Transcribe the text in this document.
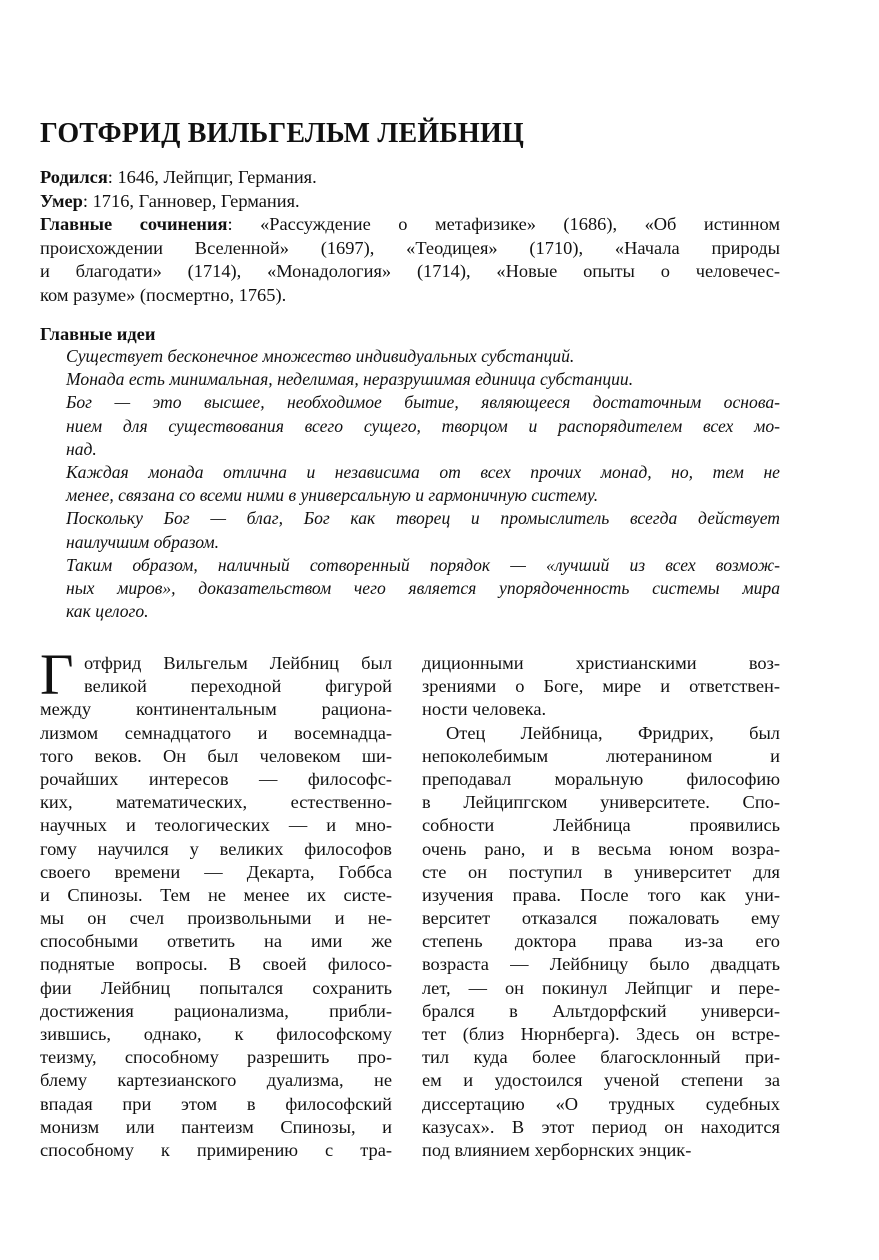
ГОТФРИД ВИЛЬГЕЛЬМ ЛЕЙБНИЦ

Родился: 1646, Лейпциг, Германия.

Умер: 1716, Ганновер, Германия.

Главные сочинения: «Рассуждение о метафизике» (1686), «Об истинном
происхождении Вселенной» (1697), «Теодицея» (1710), «Начала природы
и благодати» (1714), «Монадология» (1714), «Новые опыты о человечес-
ком разуме» (посмертно, 1765).
Главные идеи
Существует бесконечное множество индивидуальных субстанций.
Монада есть минимальная, неделимая, неразрушимая единица субстанции.
Бог — это высшее, необходимое бытие, являющееся достаточным основа-
нием для существования всего сущего, творцом и распорядителем всех мо-
над.
Каждая монада отлична и независима от всех прочих монад, но, тем не
менее, связана со всеми ними в универсальную и гармоничную систему.
Поскольку Бог — благ, Бог как творец и промыслитель всегда действует
наилучшим образом.
Таким образом, наличный сотворенный порядок — «лучший из всех возмож-
ных миров», доказательством чего является упорядоченность системы мира
как целого.
Г отфрид Вильгельм Лейбниц был
великой переходной фигурой
между континентальным рациона-
лизмом семнадцатого и восемнадца-
того веков. Он был человеком ши-
рочайших интересов — философс-
ких, математических, естественно-
научных и теологических — и мно-
гому научился у великих философов
своего времени — Декарта, Гоббса
и Спинозы. Тем не менее их систе-
мы он счел произвольными и не-
способными ответить на ими же
поднятые вопросы. В своей филосо-
фии Лейбниц попытался сохранить
достижения рационализма, прибли-
зившись, однако, к философскому
теизму, способному разрешить про-
блему картезианского дуализма, не
впадая при этом в философский
монизм или пантеизм Спинозы, и
способному к примирению с тра-
диционными христианскими воз-
зрениями о Боге, мире и ответствен-
ности человека.
Отец Лейбница, Фридрих, был
непоколебимым лютеранином и
преподавал моральную философию
в Лейципгском университете. Спо-
собности Лейбница проявились
очень рано, и в весьма юном возра-
сте он поступил в университет для
изучения права. После того как уни-
верситет отказался пожаловать ему
степень доктора права из-за его
возраста — Лейбницу было двадцать
лет, — он покинул Лейпциг и пере-
брался в Альтдорфский универси-
тет (близ Нюрнберга). Здесь он встре-
тил куда более благосклонный при-
ем и удостоился ученой степени за
диссертацию «О трудных судебных
казусах». В этот период он находится
под влиянием херборнских энцик-
